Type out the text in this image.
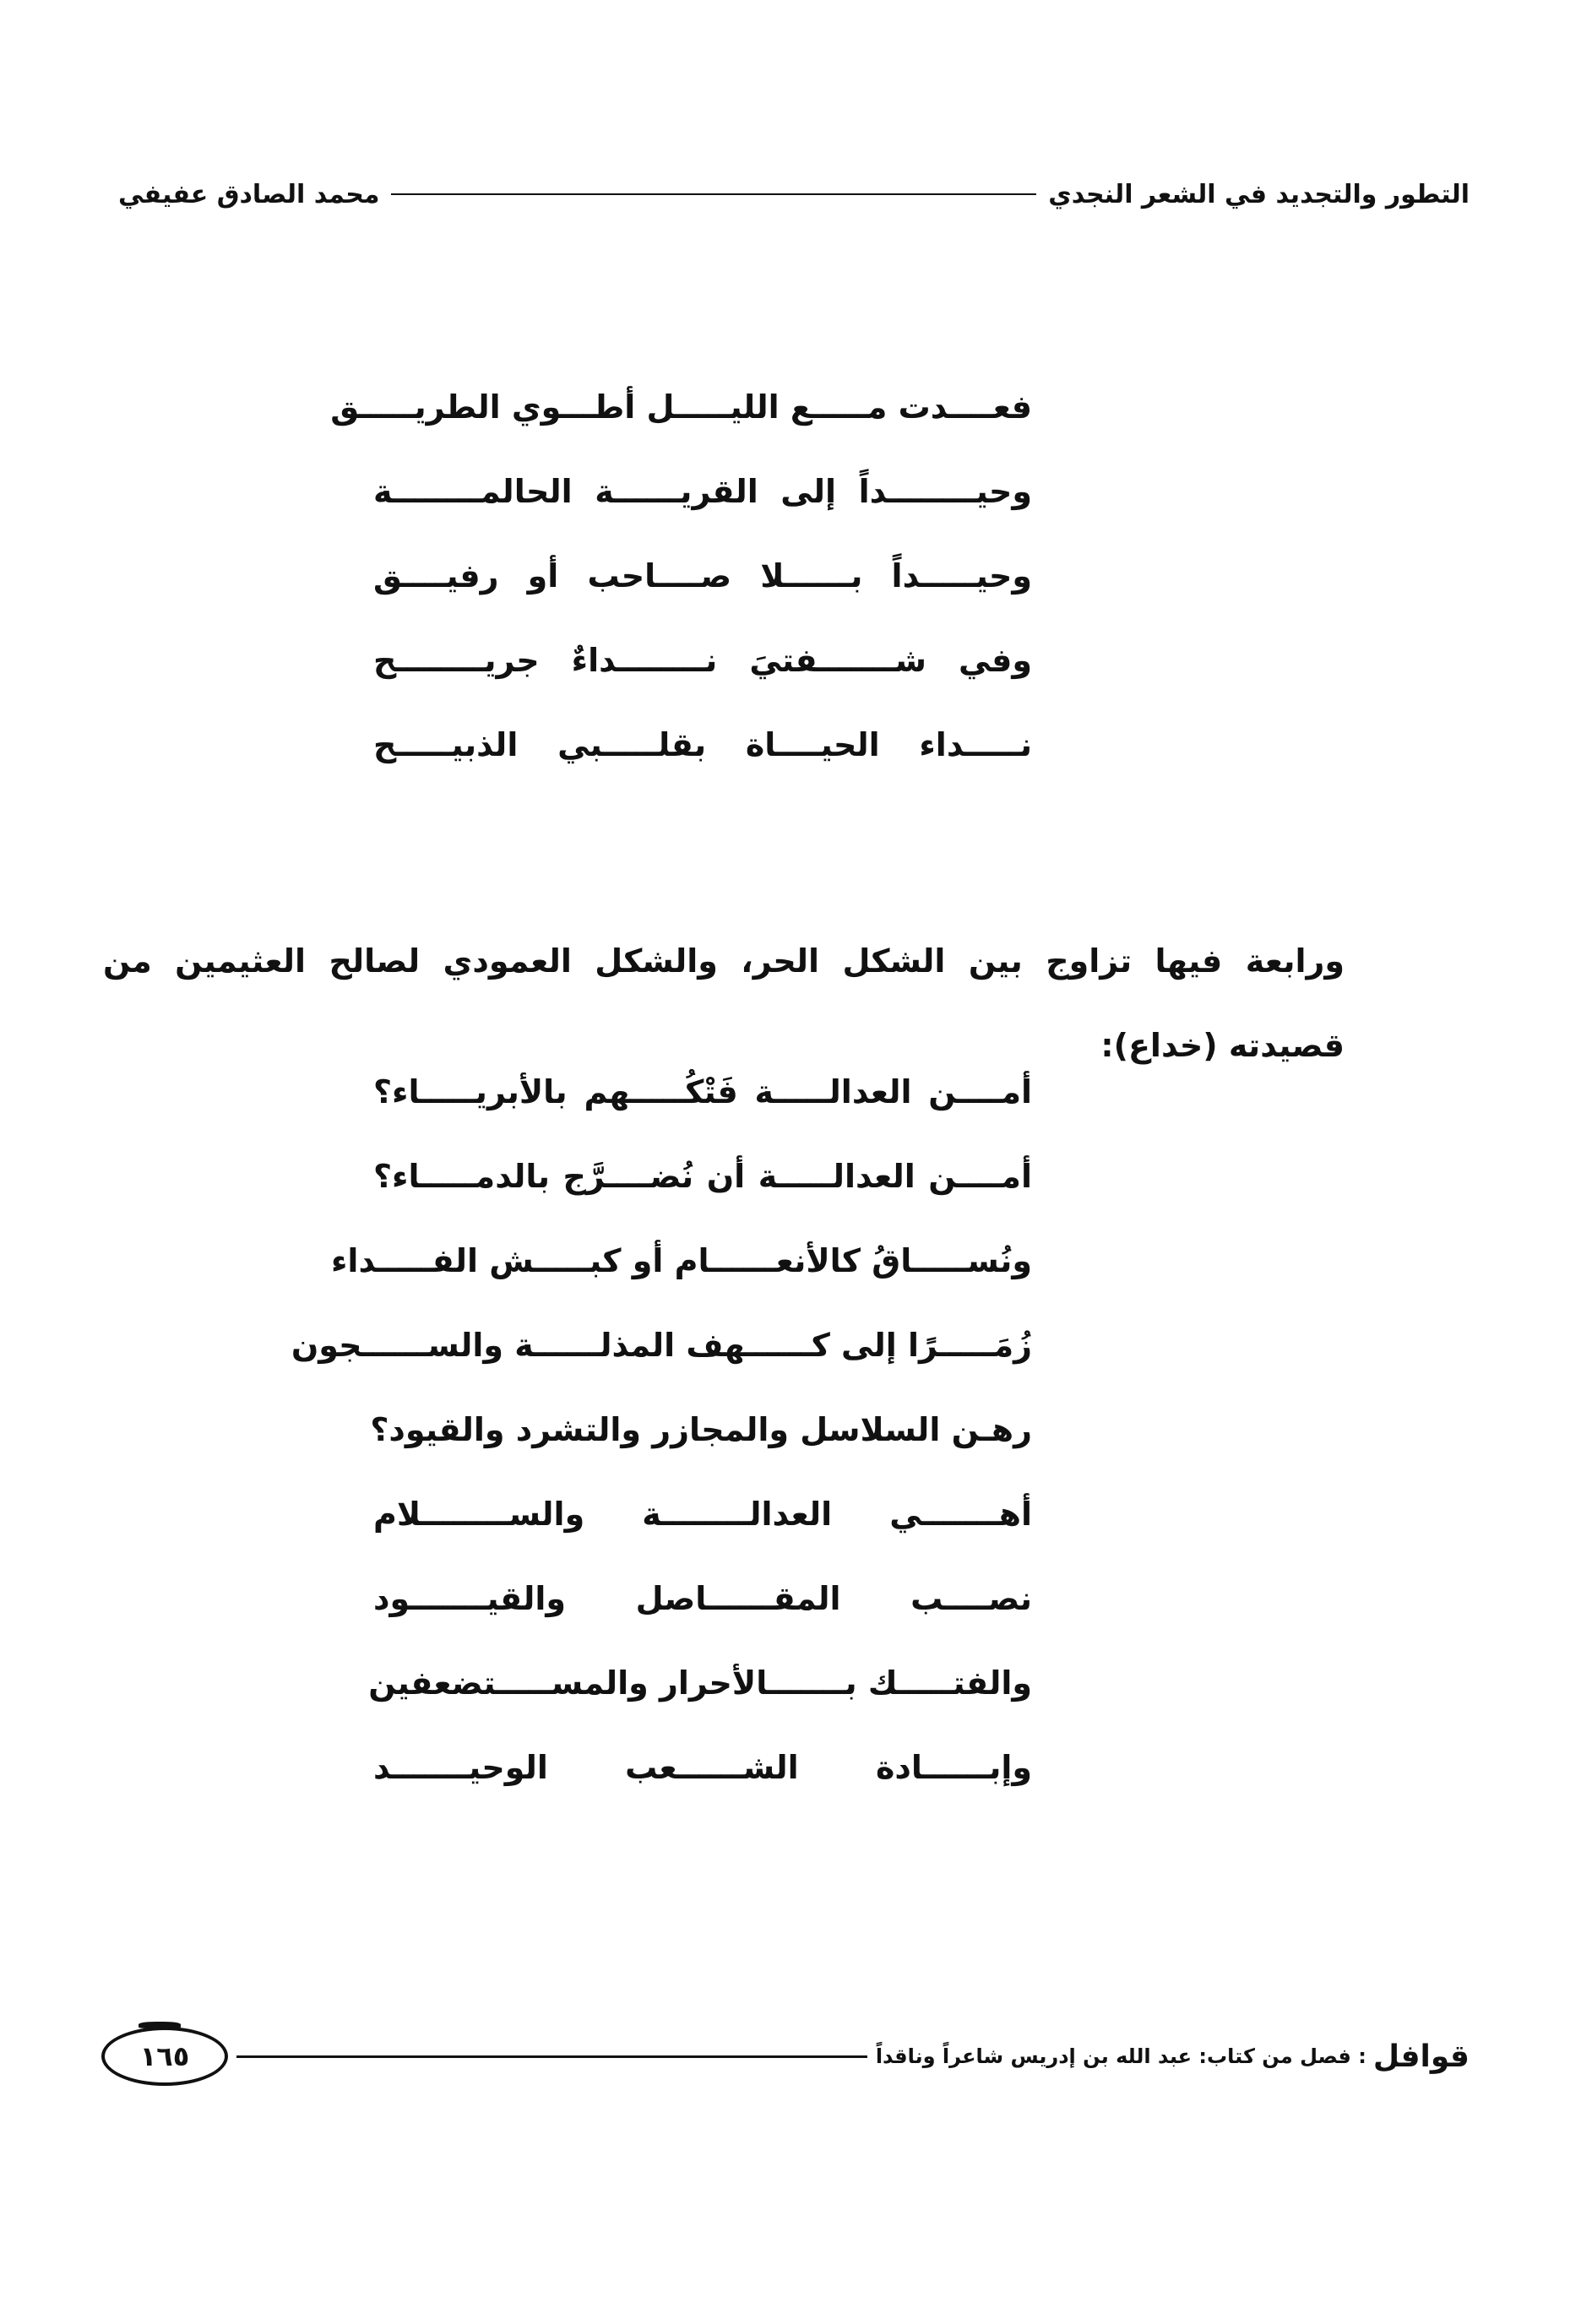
التطور والتجديد في الشعر النجدي
محمد الصادق عفيفي
فعــــدت مـــــع الليـــــل أطـــوي الطريـــــق
وحيــــــــداً إلى القريــــــة الحالمــــــــة
وحيـــــداً بــــــلا صــــاحب أو رفيــــق
وفي شـــــــفتيَ نــــــــداءٌ جريــــــــح
نـــــداء الحيــــاة بقلـــــبي الذبيـــــح

ورابعة فيها تزاوج بين الشكل الحر، والشكل العمودي لصالح العثيمين من قصيدته (خداع):

أمــــن العدالـــــة فَتْكُـــــهم بالأبريـــــاء؟
أمــــن العدالـــــة أن نُضــــرَّج بالدمـــــاء؟
ونُســـــاقُ كالأنعــــــام أو كبـــــش الفـــــداء
زُمَـــــرًا إلى كــــــهف المذلــــــة والســــــجون
رهـن السلاسل والمجازر والتشرد والقيود؟
أهـــــــي العدالــــــــة والســــــــلام
نصــــب المقــــــاصل والقيـــــــود
والفتـــــك بـــــــالأحرار والمســـــتضعفين
وإبــــــادة الشــــــعب الوحيـــــــد
قوافل
: فصل من كتاب: عبد الله بن إدريس شاعراً وناقداً
١٦٥
